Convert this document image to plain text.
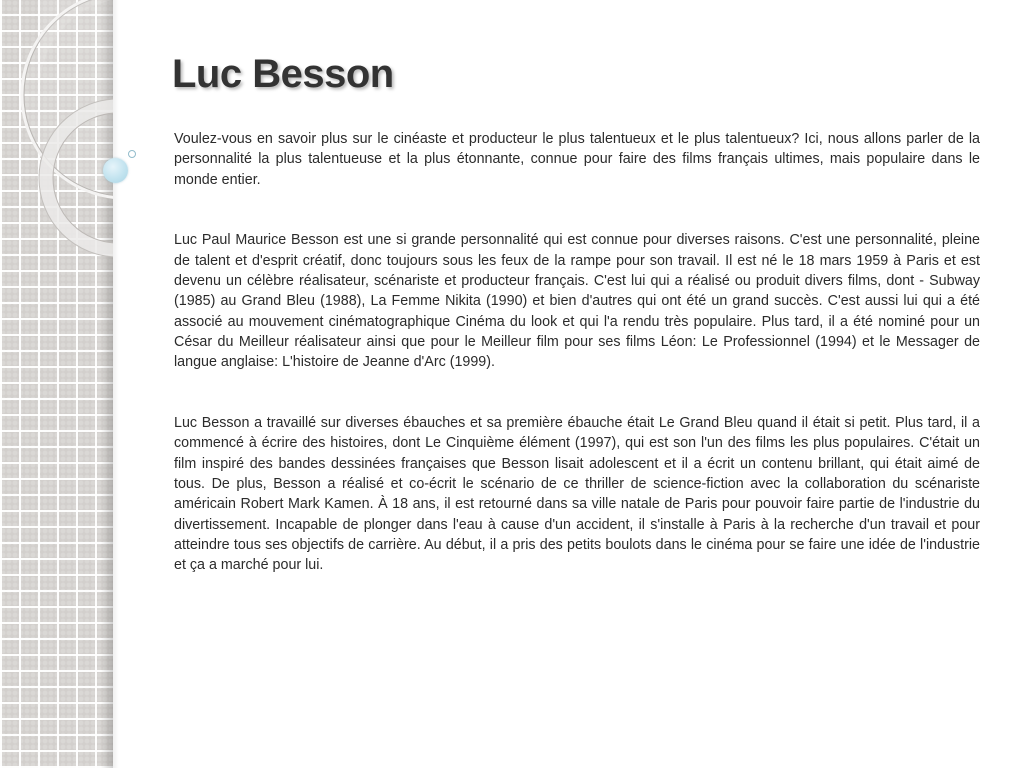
Luc Besson

Voulez-vous en savoir plus sur le cinéaste et producteur le plus talentueux et le plus talentueux? Ici, nous allons parler de la personnalité la plus talentueuse et la plus étonnante, connue pour faire des films français ultimes, mais populaire dans le monde entier.

Luc Paul Maurice Besson est une si grande personnalité qui est connue pour diverses raisons. C'est une personnalité, pleine de talent et d'esprit créatif, donc toujours sous les feux de la rampe pour son travail. Il est né le 18 mars 1959 à Paris et est devenu un célèbre réalisateur, scénariste et producteur français. C'est lui qui a réalisé ou produit divers films, dont - Subway (1985) au Grand Bleu (1988), La Femme Nikita (1990) et bien d'autres qui ont été un grand succès. C'est aussi lui qui a été associé au mouvement cinématographique Cinéma du look et qui l'a rendu très populaire. Plus tard, il a été nominé pour un César du Meilleur réalisateur ainsi que pour le Meilleur film pour ses films Léon: Le Professionnel (1994) et le Messager de langue anglaise: L'histoire de Jeanne d'Arc (1999).

Luc Besson a travaillé sur diverses ébauches et sa première ébauche était Le Grand Bleu quand il était si petit. Plus tard, il a commencé à écrire des histoires, dont Le Cinquième élément (1997), qui est son l'un des films les plus populaires. C'était un film inspiré des bandes dessinées françaises que Besson lisait adolescent et il a écrit un contenu brillant, qui était aimé de tous. De plus, Besson a réalisé et co-écrit le scénario de ce thriller de science-fiction avec la collaboration du scénariste américain Robert Mark Kamen. À 18 ans, il est retourné dans sa ville natale de Paris pour pouvoir faire partie de l'industrie du divertissement. Incapable de plonger dans l'eau à cause d'un accident, il s'installe à Paris à la recherche d'un travail et pour atteindre tous ses objectifs de carrière. Au début, il a pris des petits boulots dans le cinéma pour se faire une idée de l'industrie et ça a marché pour lui.
